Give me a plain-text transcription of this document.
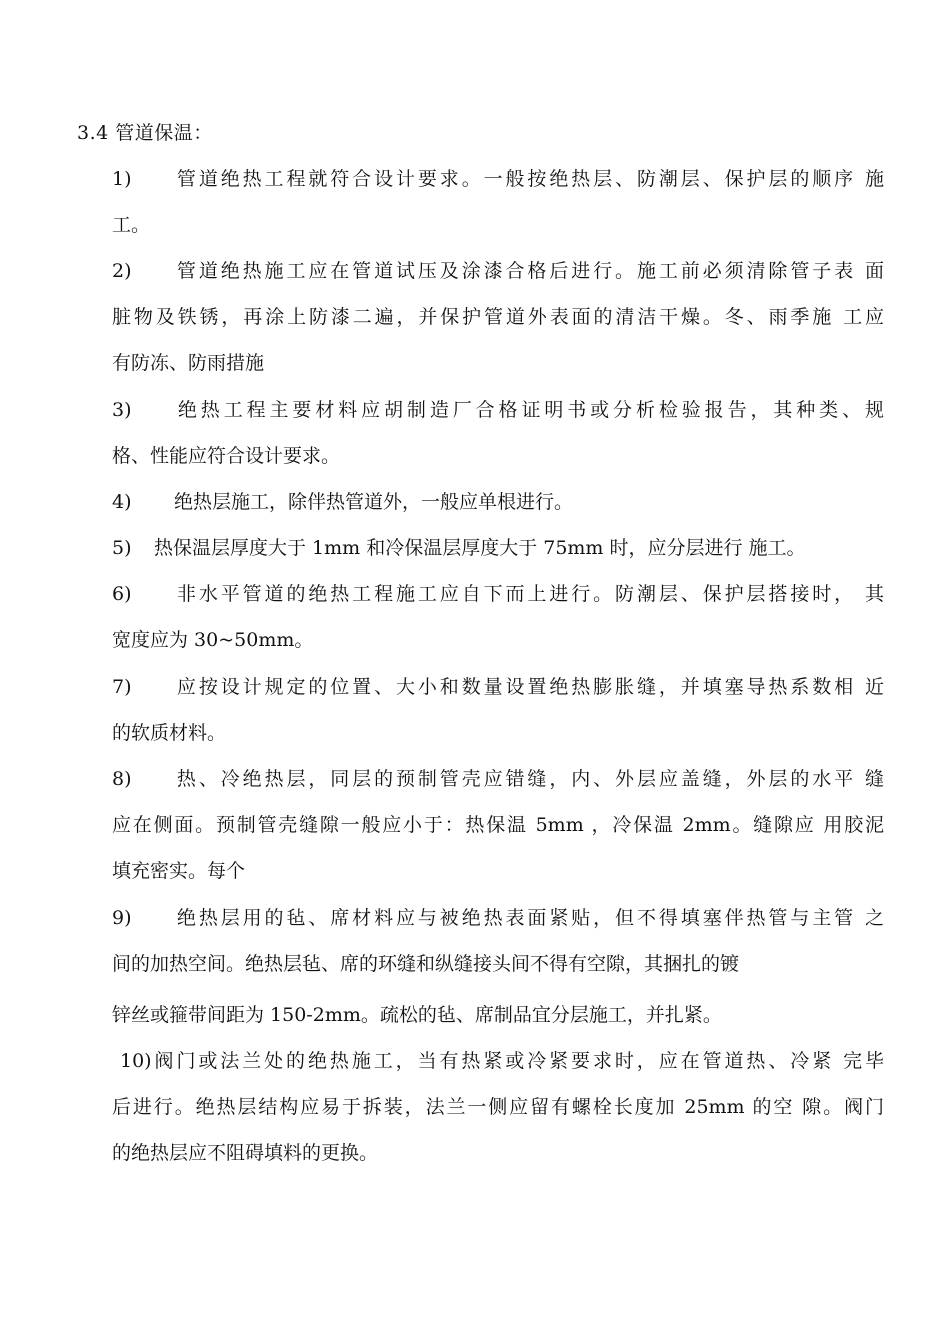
3.4 管道保温：
1) 管道绝热工程就符合设计要求。一般按绝热层、防潮层、保护层的顺序 施
工。
2) 管道绝热施工应在管道试压及涂漆合格后进行。施工前必须清除管子表 面
脏物及铁锈，再涂上防漆二遍，并保护管道外表面的清洁干燥。冬、雨季施 工应
有防冻、防雨措施
3) 绝热工程主要材料应胡制造厂合格证明书或分析检验报告，其种类、规
格、性能应符合设计要求。
4) 绝热层施工，除伴热管道外，一般应单根进行。
5) 热保温层厚度大于 1mm 和冷保温层厚度大于 75mm 时，应分层进行 施工。
6) 非水平管道的绝热工程施工应自下而上进行。防潮层、保护层搭接时， 其
宽度应为 30~50mm。
7) 应按设计规定的位置、大小和数量设置绝热膨胀缝，并填塞导热系数相 近
的软质材料。
8) 热、冷绝热层，同层的预制管壳应错缝，内、外层应盖缝，外层的水平 缝
应在侧面。预制管壳缝隙一般应小于：热保温 5mm ，冷保温 2mm。缝隙应 用胶泥
填充密实。每个
9) 绝热层用的毡、席材料应与被绝热表面紧贴，但不得填塞伴热管与主管 之
间的加热空间。绝热层毡、席的环缝和纵缝接头间不得有空隙，其捆扎的镀
锌丝或箍带间距为 150-2mm。疏松的毡、席制品宜分层施工，并扎紧。
10)阀门或法兰处的绝热施工，当有热紧或冷紧要求时，应在管道热、冷紧 完毕
后进行。绝热层结构应易于拆装，法兰一侧应留有螺栓长度加 25mm 的空 隙。阀门
的绝热层应不阻碍填料的更换。
